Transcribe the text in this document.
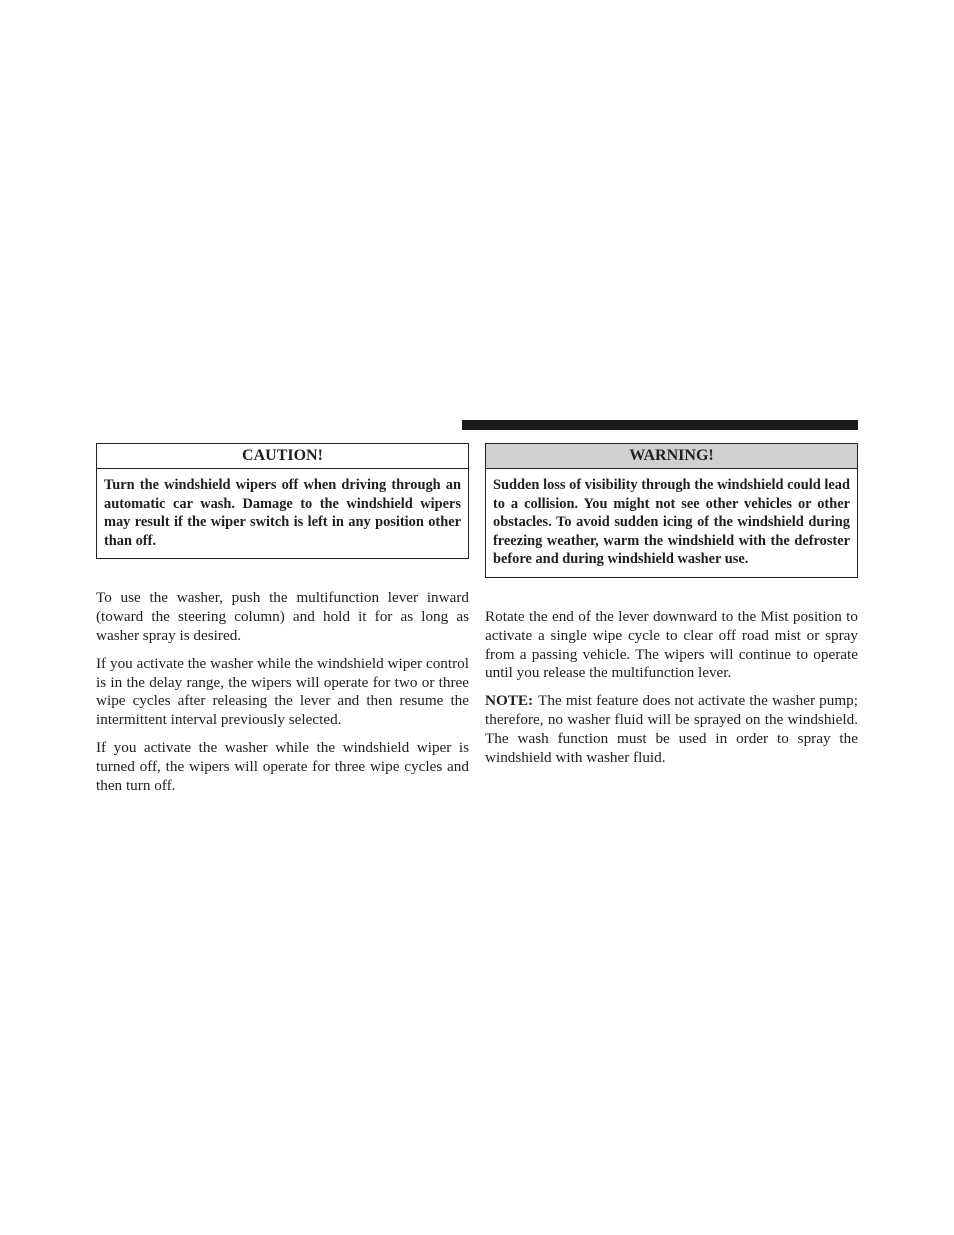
CAUTION!
Turn the windshield wipers off when driving through an automatic car wash. Damage to the windshield wipers may result if the wiper switch is left in any position other than off.

To use the washer, push the multifunction lever inward (toward the steering column) and hold it for as long as washer spray is desired.

If you activate the washer while the windshield wiper control is in the delay range, the wipers will operate for two or three wipe cycles after releasing the lever and then resume the intermittent interval previously selected.

If you activate the washer while the windshield wiper is turned off, the wipers will operate for three wipe cycles and then turn off.

WARNING!
Sudden loss of visibility through the windshield could lead to a collision. You might not see other vehicles or other obstacles. To avoid sudden icing of the windshield during freezing weather, warm the windshield with the defroster before and during windshield washer use.

Rotate the end of the lever downward to the Mist position to activate a single wipe cycle to clear off road mist or spray from a passing vehicle. The wipers will continue to operate until you release the multifunction lever.

NOTE: The mist feature does not activate the washer pump; therefore, no washer fluid will be sprayed on the windshield. The wash function must be used in order to spray the windshield with washer fluid.
